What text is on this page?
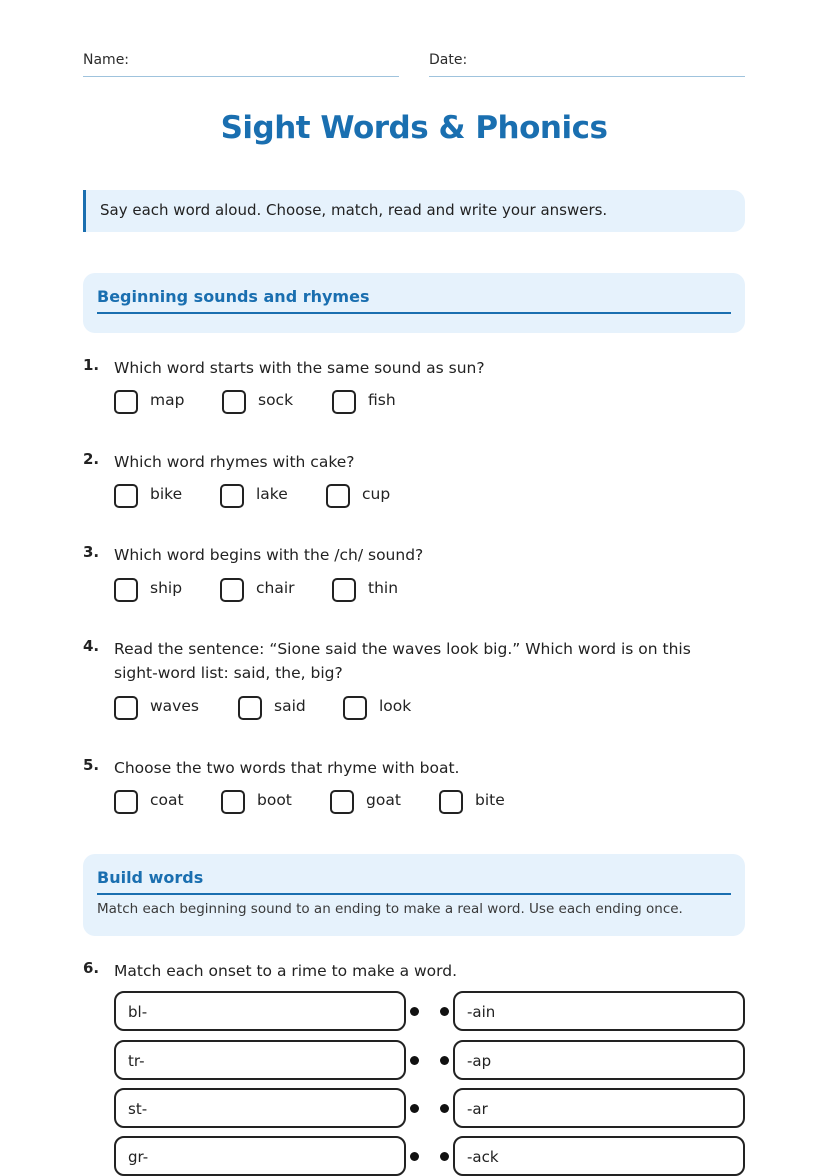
Name:	Date:
Sight Words & Phonics
Say each word aloud. Choose, match, read and write your answers.
Beginning sounds and rhymes
1. Which word starts with the same sound as sun?
map	sock	fish
2. Which word rhymes with cake?
bike	lake	cup
3. Which word begins with the /ch/ sound?
ship	chair	thin
4. Read the sentence: “Sione said the waves look big.” Which word is on this sight-word list: said, the, big?
waves	said	look
5. Choose the two words that rhyme with boat.
coat	boot	goat	bite
Build words
Match each beginning sound to an ending to make a real word. Use each ending once.
6. Match each onset to a rime to make a word.
bl-	-ain
tr-	-ap
st-	-ar
gr-	-ack
